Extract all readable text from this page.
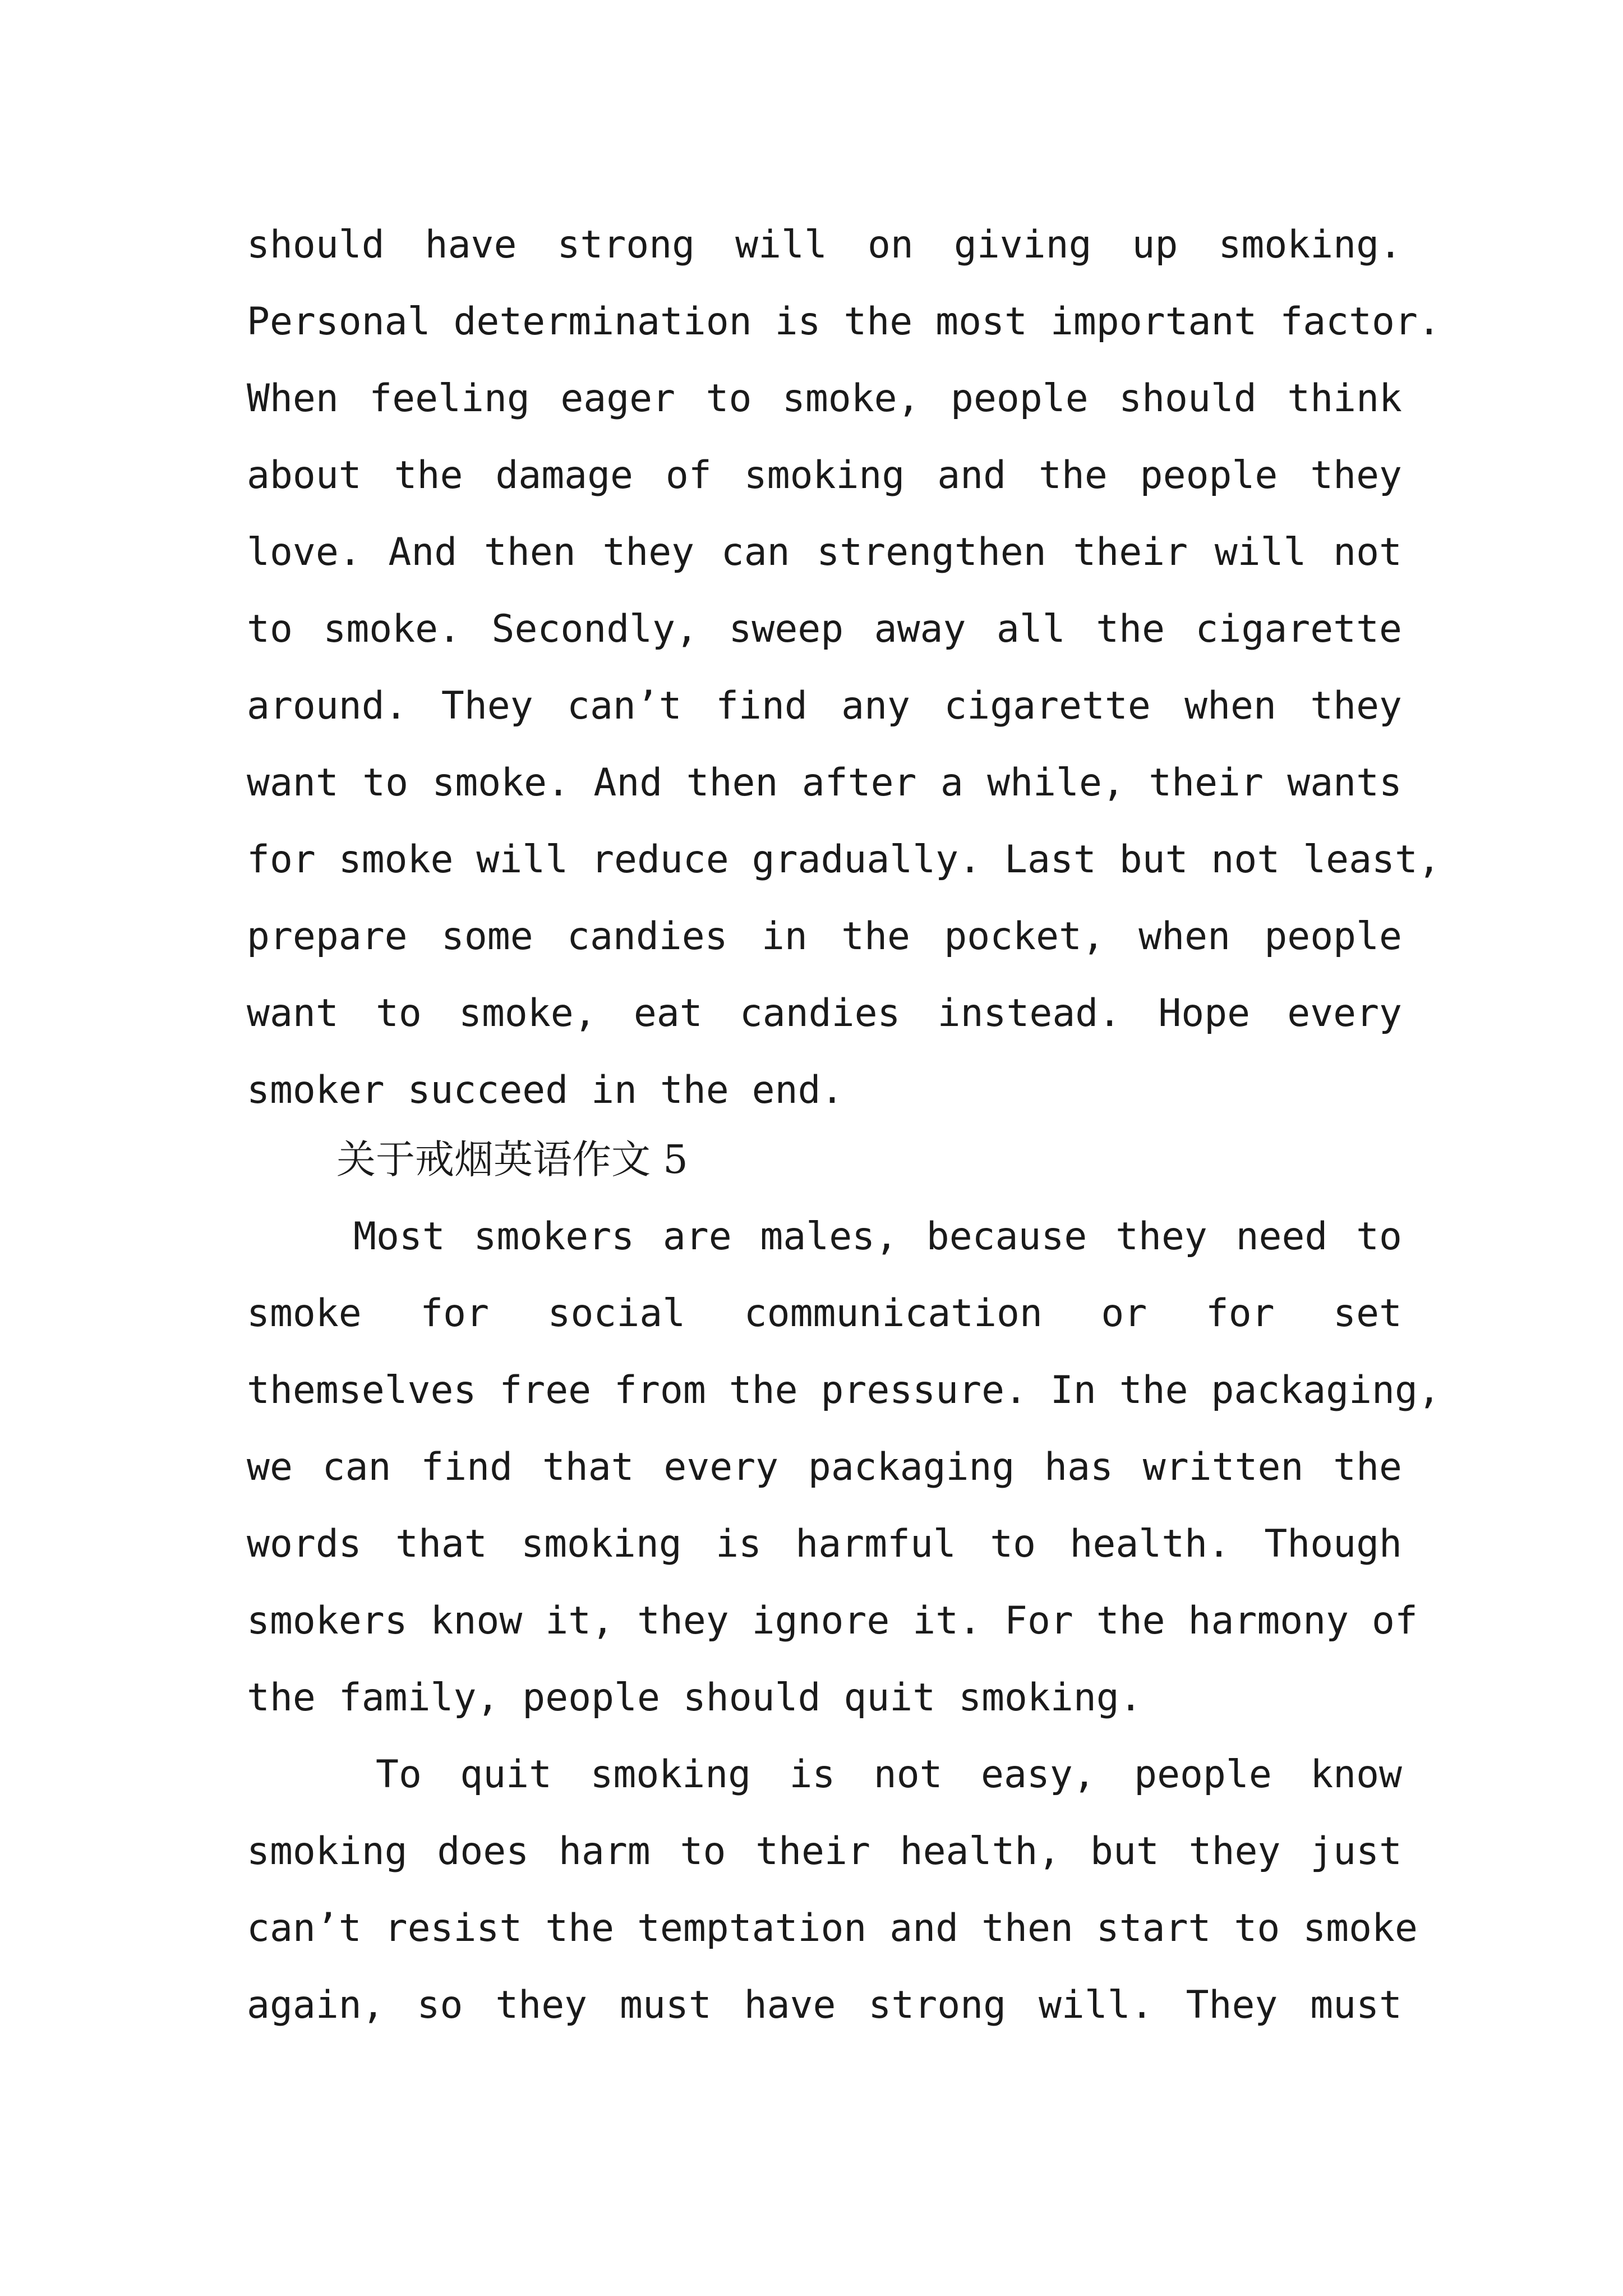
should have strong will on giving up smoking.
Personal determination is the most important factor.
When feeling eager to smoke, people should think
about the damage of smoking and the people they
love. And then they can strengthen their will not
to smoke. Secondly, sweep away all the cigarette
around. They can’t find any cigarette when they
want to smoke. And then after a while, their wants
for smoke will reduce gradually. Last but not least,
prepare some candies in the pocket, when people
want to smoke, eat candies instead. Hope every
smoker succeed in the end.
关于戒烟英语作文 5
Most smokers are males, because they need to
smoke for social communication or for set
themselves free from the pressure. In the packaging,
we can find that every packaging has written the
words that smoking is harmful to health. Though
smokers know it, they ignore it. For the harmony of
the family, people should quit smoking.
To quit smoking is not easy, people know
smoking does harm to their health, but they just
can’t resist the temptation and then start to smoke
again, so they must have strong will. They must
